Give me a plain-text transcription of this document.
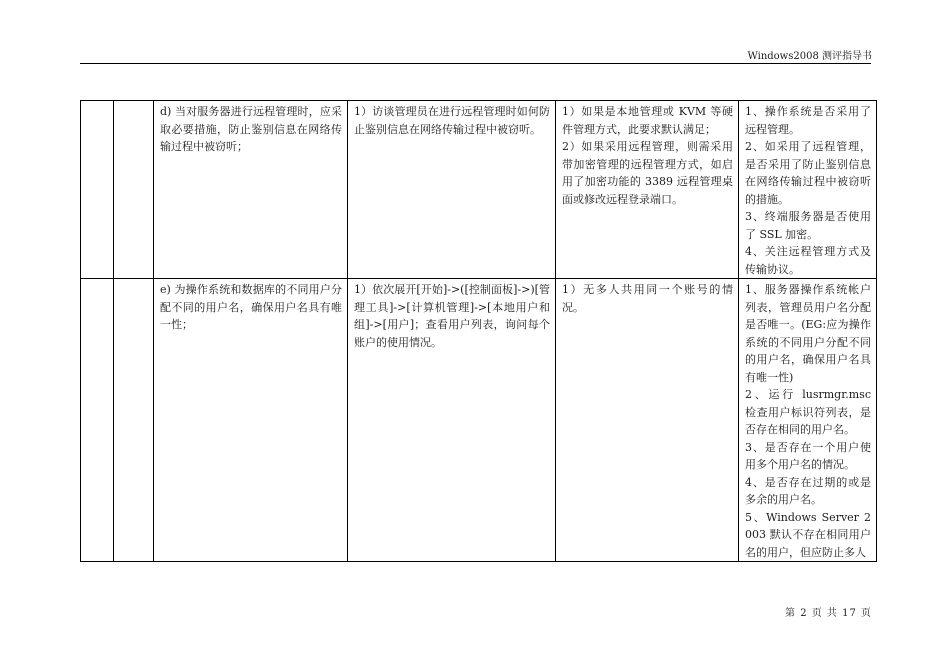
Windows2008 测评指导书
		d) 当对服务器进行远程管理时，应采取必要措施，防止鉴别信息在网络传输过程中被窃听；	1）访谈管理员在进行远程管理时如何防止鉴别信息在网络传输过程中被窃听。	1）如果是本地管理或 KVM 等硬件管理方式，此要求默认满足；
2）如果采用远程管理，则需采用带加密管理的远程管理方式，如启用了加密功能的 3389 远程管理桌面或修改远程登录端口。	1、操作系统是否采用了远程管理。
2、如采用了远程管理，是否采用了防止鉴别信息在网络传输过程中被窃听的措施。
3、终端服务器是否使用了 SSL 加密。
4、关注远程管理方式及传输协议。
		e) 为操作系统和数据库的不同用户分配不同的用户名，确保用户名具有唯一性；	1）依次展开[开始]->([控制面板]->)[管理工具]->[计算机管理]->[本地用户和组]->[用户]；查看用户列表，询问每个账户的使用情况。	1）无多人共用同一个账号的情况。	1、服务器操作系统帐户列表，管理员用户名分配是否唯一。(EG:应为操作系统的不同用户分配不同的用户名，确保用户名具有唯一性)
2、运行 lusrmgr.msc 检查用户标识符列表，是否存在相同的用户名。
3、是否存在一个用户使用多个用户名的情况。
4、是否存在过期的或是多余的用户名。
5、Windows Server 2003 默认不存在相同用户名的用户，但应防止多人
第 2 页 共 17 页
